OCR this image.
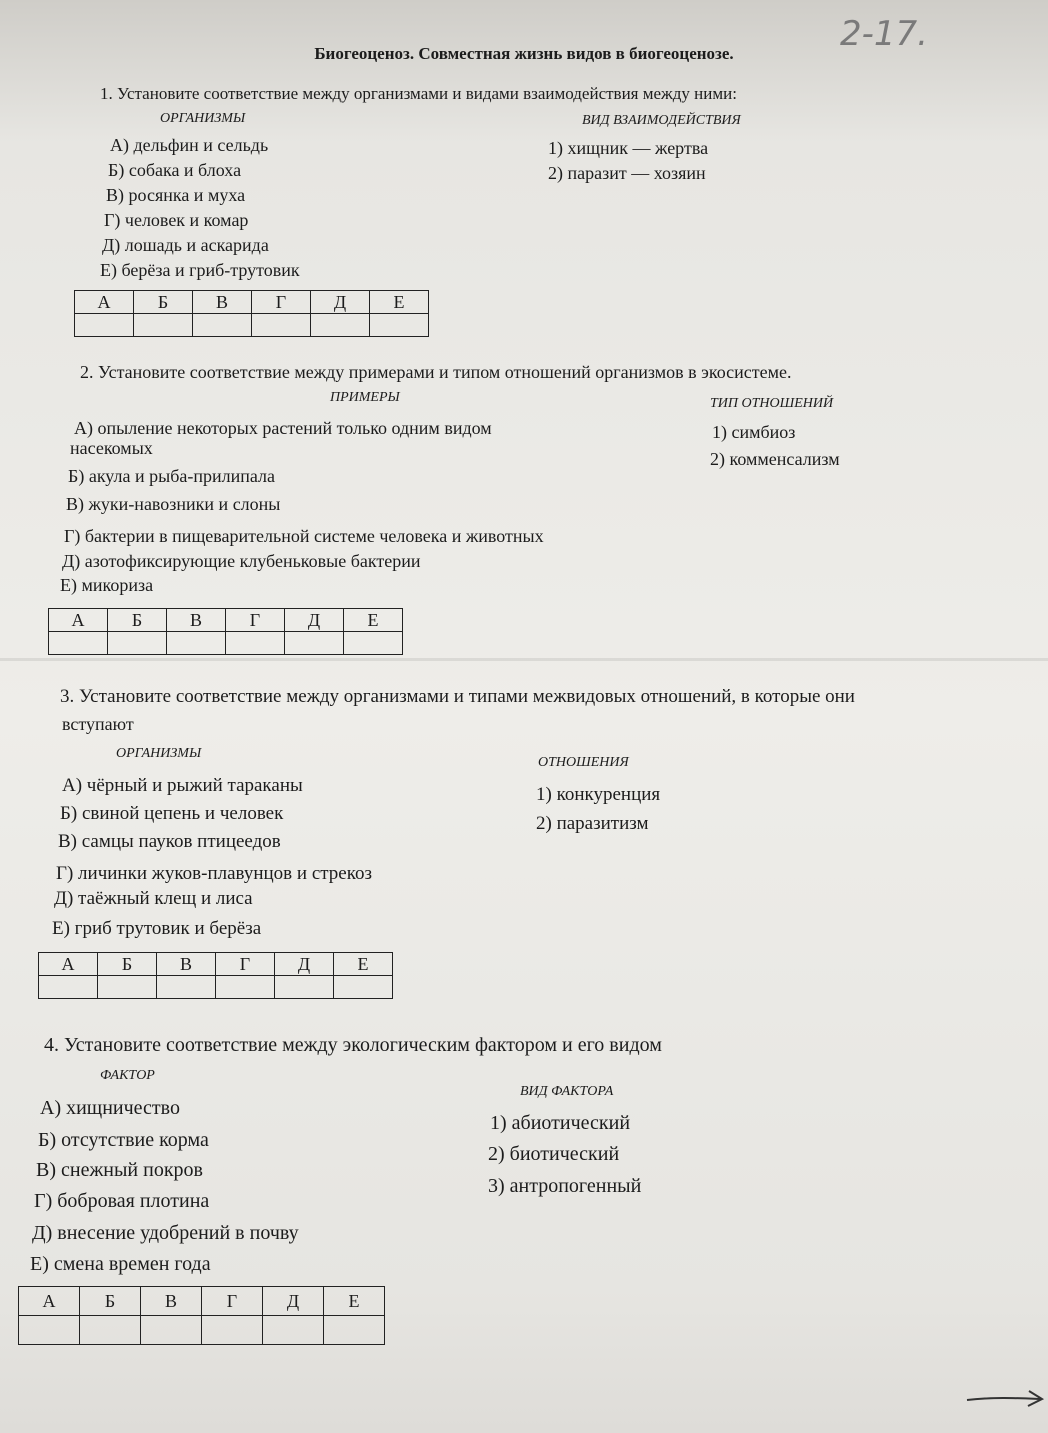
2-17.
Биогеоценоз. Совместная жизнь видов в биогеоценозе.
1. Установите соответствие между организмами и видами взаимодействия между ними:
ОРГАНИЗМЫ	ВИД ВЗАИМОДЕЙСТВИЯ
А) дельфин и сельдь
Б) собака и блоха
В) росянка и муха
Г) человек и комар
Д) лошадь и аскарида
Е) берёза и гриб-трутовик
1) хищник — жертва
2) паразит — хозяин
А	Б	В	Г	Д	Е

2. Установите соответствие между примерами и типом отношений организмов в экосистеме.
ПРИМЕРЫ	ТИП ОТНОШЕНИЙ
А) опыление некоторых растений только одним видом
насекомых
Б) акула и рыба-прилипала
В) жуки-навозники и слоны
Г) бактерии в пищеварительной системе человека и животных
Д) азотофиксирующие клубеньковые бактерии
Е) микориза
1) симбиоз
2) комменсализм
А	Б	В	Г	Д	Е

3. Установите соответствие между организмами и типами межвидовых отношений, в которые они
вступают
ОРГАНИЗМЫ
ОТНОШЕНИЯ
А) чёрный и рыжий тараканы
Б) свиной цепень и человек
В) самцы пауков птицеедов
Г) личинки жуков-плавунцов и стрекоз
Д) таёжный клещ и лиса
Е) гриб трутовик и берёза
1) конкуренция
2) паразитизм
А	Б	В	Г	Д	Е

4. Установите соответствие между экологическим фактором и его видом
ФАКТОР
ВИД ФАКТОРА
А) хищничество
Б) отсутствие корма
В) снежный покров
Г) бобровая плотина
Д) внесение удобрений в почву
Е) смена времен года
1) абиотический
2) биотический
3) антропогенный
А	Б	В	Г	Д	Е
